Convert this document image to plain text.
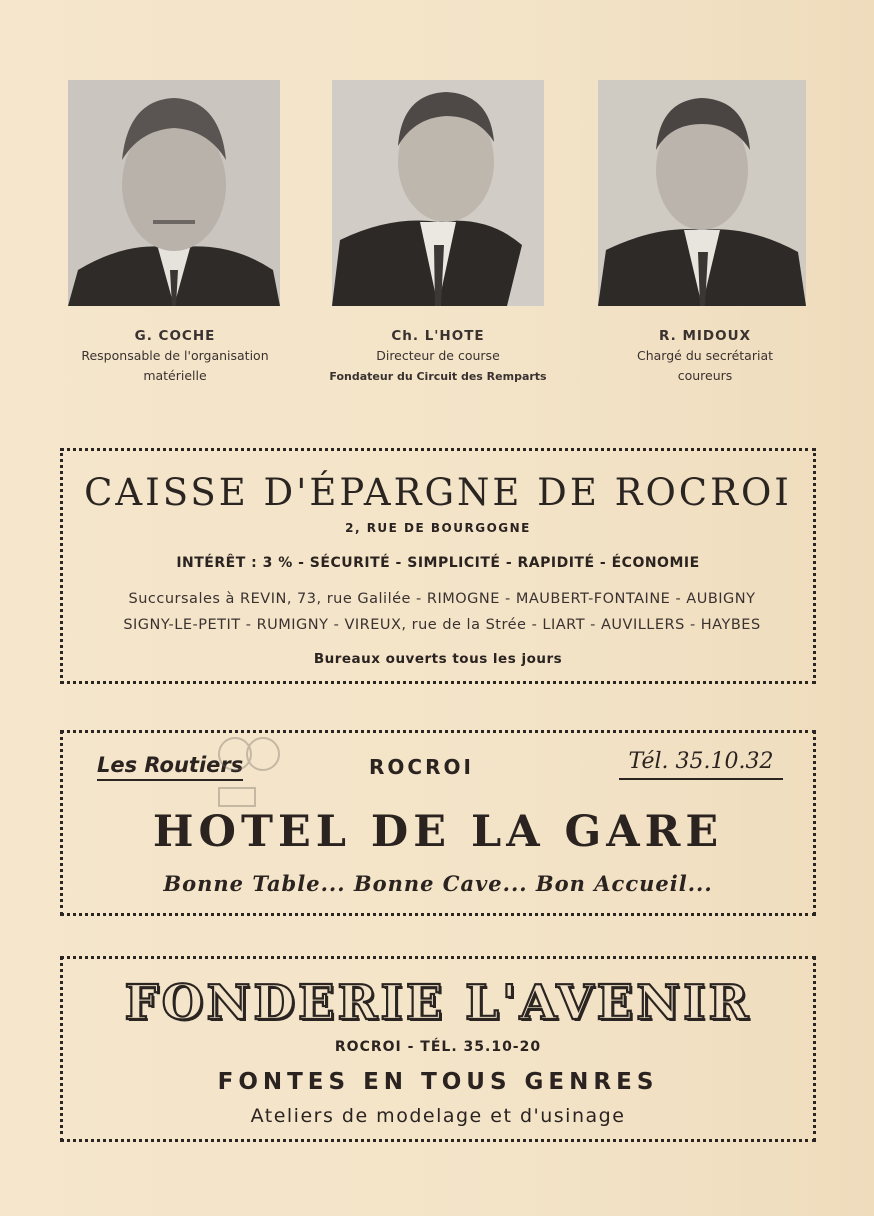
G. COCHE
Responsable de l'organisation
matérielle
Ch. L'HOTE
Directeur de course
Fondateur du Circuit des Remparts
R. MIDOUX
Chargé du secrétariat
coureurs
CAISSE D'ÉPARGNE DE ROCROI
2, RUE DE BOURGOGNE
INTÉRÊT : 3 % - SÉCURITÉ - SIMPLICITÉ - RAPIDITÉ - ÉCONOMIE
Succursales à REVIN, 73, rue Galilée - RIMOGNE - MAUBERT-FONTAINE - AUBIGNY
SIGNY-LE-PETIT - RUMIGNY - VIREUX, rue de la Strée - LIART - AUVILLERS - HAYBES
Bureaux ouverts tous les jours
Les Routiers	ROCROI	Tél. 35.10.32
HOTEL DE LA GARE
Bonne Table... Bonne Cave... Bon Accueil...
FONDERIE L'AVENIR
ROCROI - TÉL. 35.10-20
FONTES EN TOUS GENRES
Ateliers de modelage et d'usinage
